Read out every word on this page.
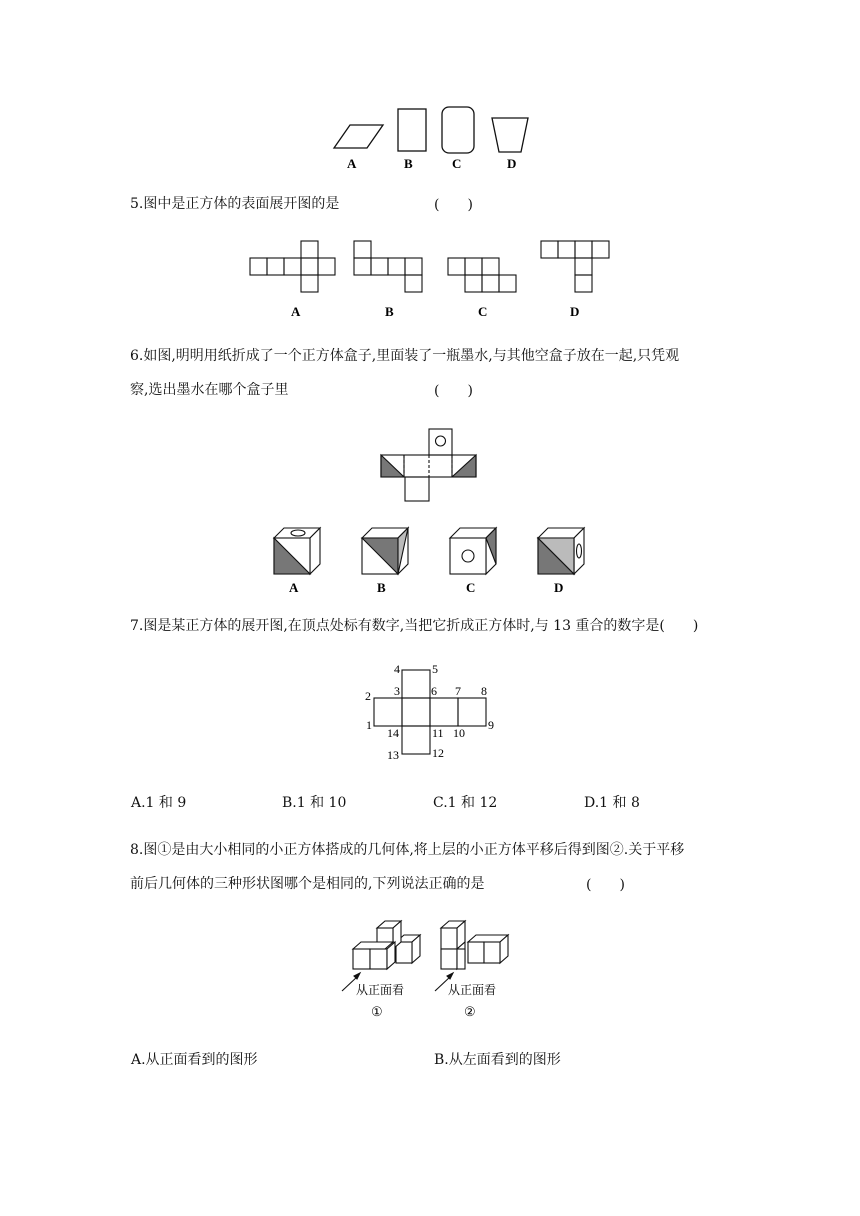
A	B	C	D
5.图中是正方体的表面展开图的是	(　　)
A	B	C	D
6.如图,明明用纸折成了一个正方体盒子,里面装了一瓶墨水,与其他空盒子放在一起,只凭观
察,选出墨水在哪个盒子里	(　　)
A	B	C	D
7.图是某正方体的展开图,在顶点处标有数字,当把它折成正方体时,与 13 重合的数字是(　　)
4	5
2 3	6 7 8
1	9
14	11 10
13	12
A.1 和 9	B.1 和 10	C.1 和 12	D.1 和 8
8.图①是由大小相同的小正方体搭成的几何体,将上层的小正方体平移后得到图②.关于平移
前后几何体的三种形状图哪个是相同的,下列说法正确的是	(　　)
从正面看	从正面看
①	②
A.从正面看到的图形	B.从左面看到的图形
